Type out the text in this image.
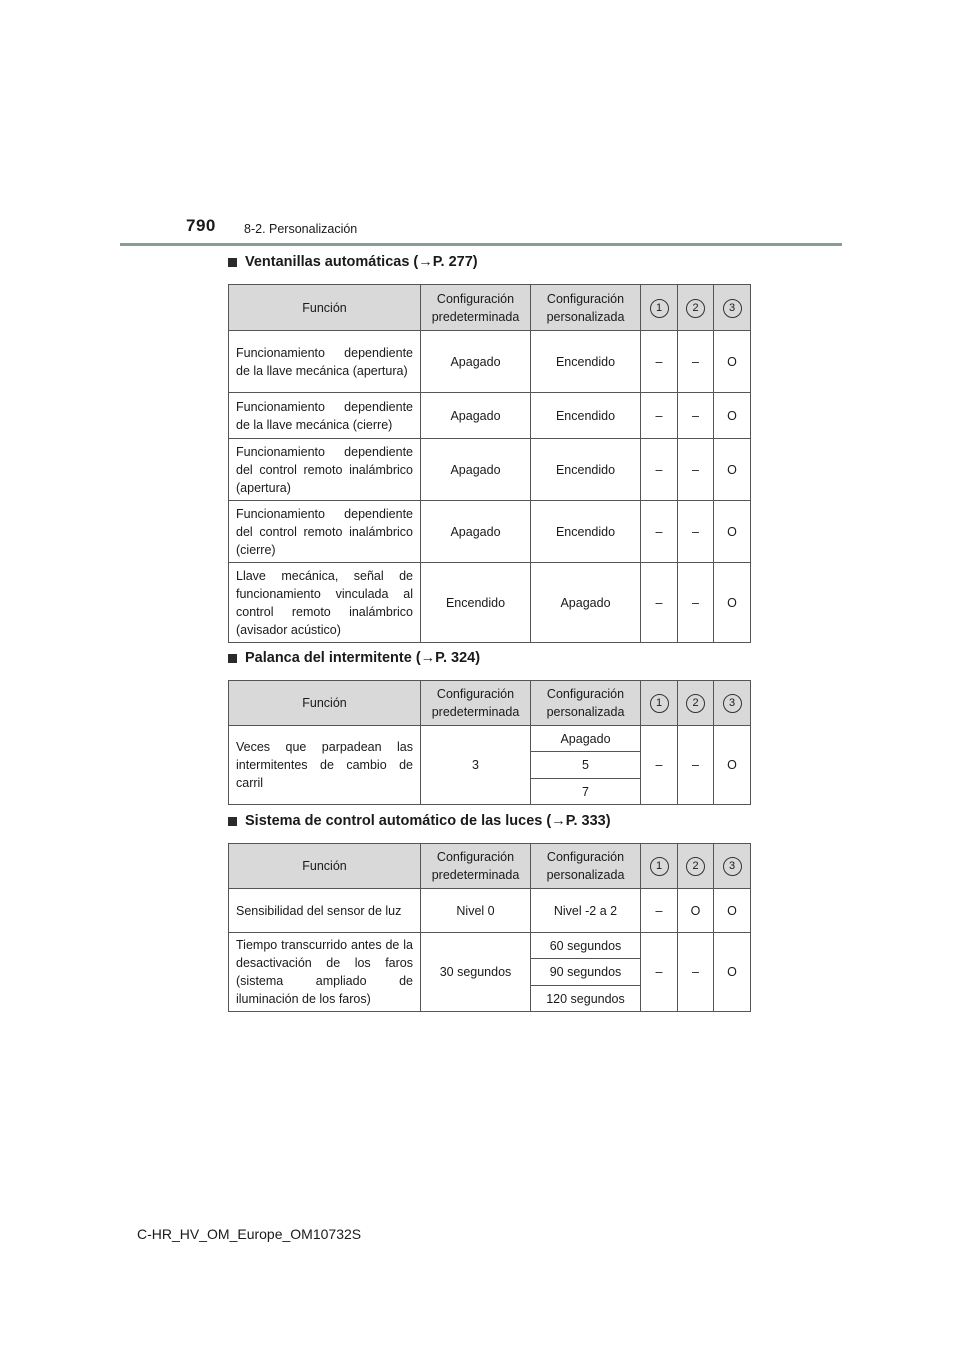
790 8-2. Personalización
Ventanillas automáticas (→P. 277)
Función	Configuración predeterminada	Configuración personalizada	1	2	3
Funcionamiento dependiente de la llave mecánica (apertura)	Apagado	Encendido	–	–	O
Funcionamiento dependiente de la llave mecánica (cierre)	Apagado	Encendido	–	–	O
Funcionamiento dependiente del control remoto inalámbrico (apertura)	Apagado	Encendido	–	–	O
Funcionamiento dependiente del control remoto inalámbrico (cierre)	Apagado	Encendido	–	–	O
Llave mecánica, señal de funcionamiento vinculada al control remoto inalámbrico (avisador acústico)	Encendido	Apagado	–	–	O
Palanca del intermitente (→P. 324)
Función	Configuración predeterminada	Configuración personalizada	1	2	3
Veces que parpadean las intermitentes de cambio de carril	3	Apagado	–	–	O
		5			
		7			
Sistema de control automático de las luces (→P. 333)
Función	Configuración predeterminada	Configuración personalizada	1	2	3
Sensibilidad del sensor de luz	Nivel 0	Nivel -2 a 2	–	O	O
Tiempo transcurrido antes de la desactivación de los faros (sistema ampliado de iluminación de los faros)	30 segundos	60 segundos	–	–	O
		90 segundos			
		120 segundos			
C-HR_HV_OM_Europe_OM10732S
